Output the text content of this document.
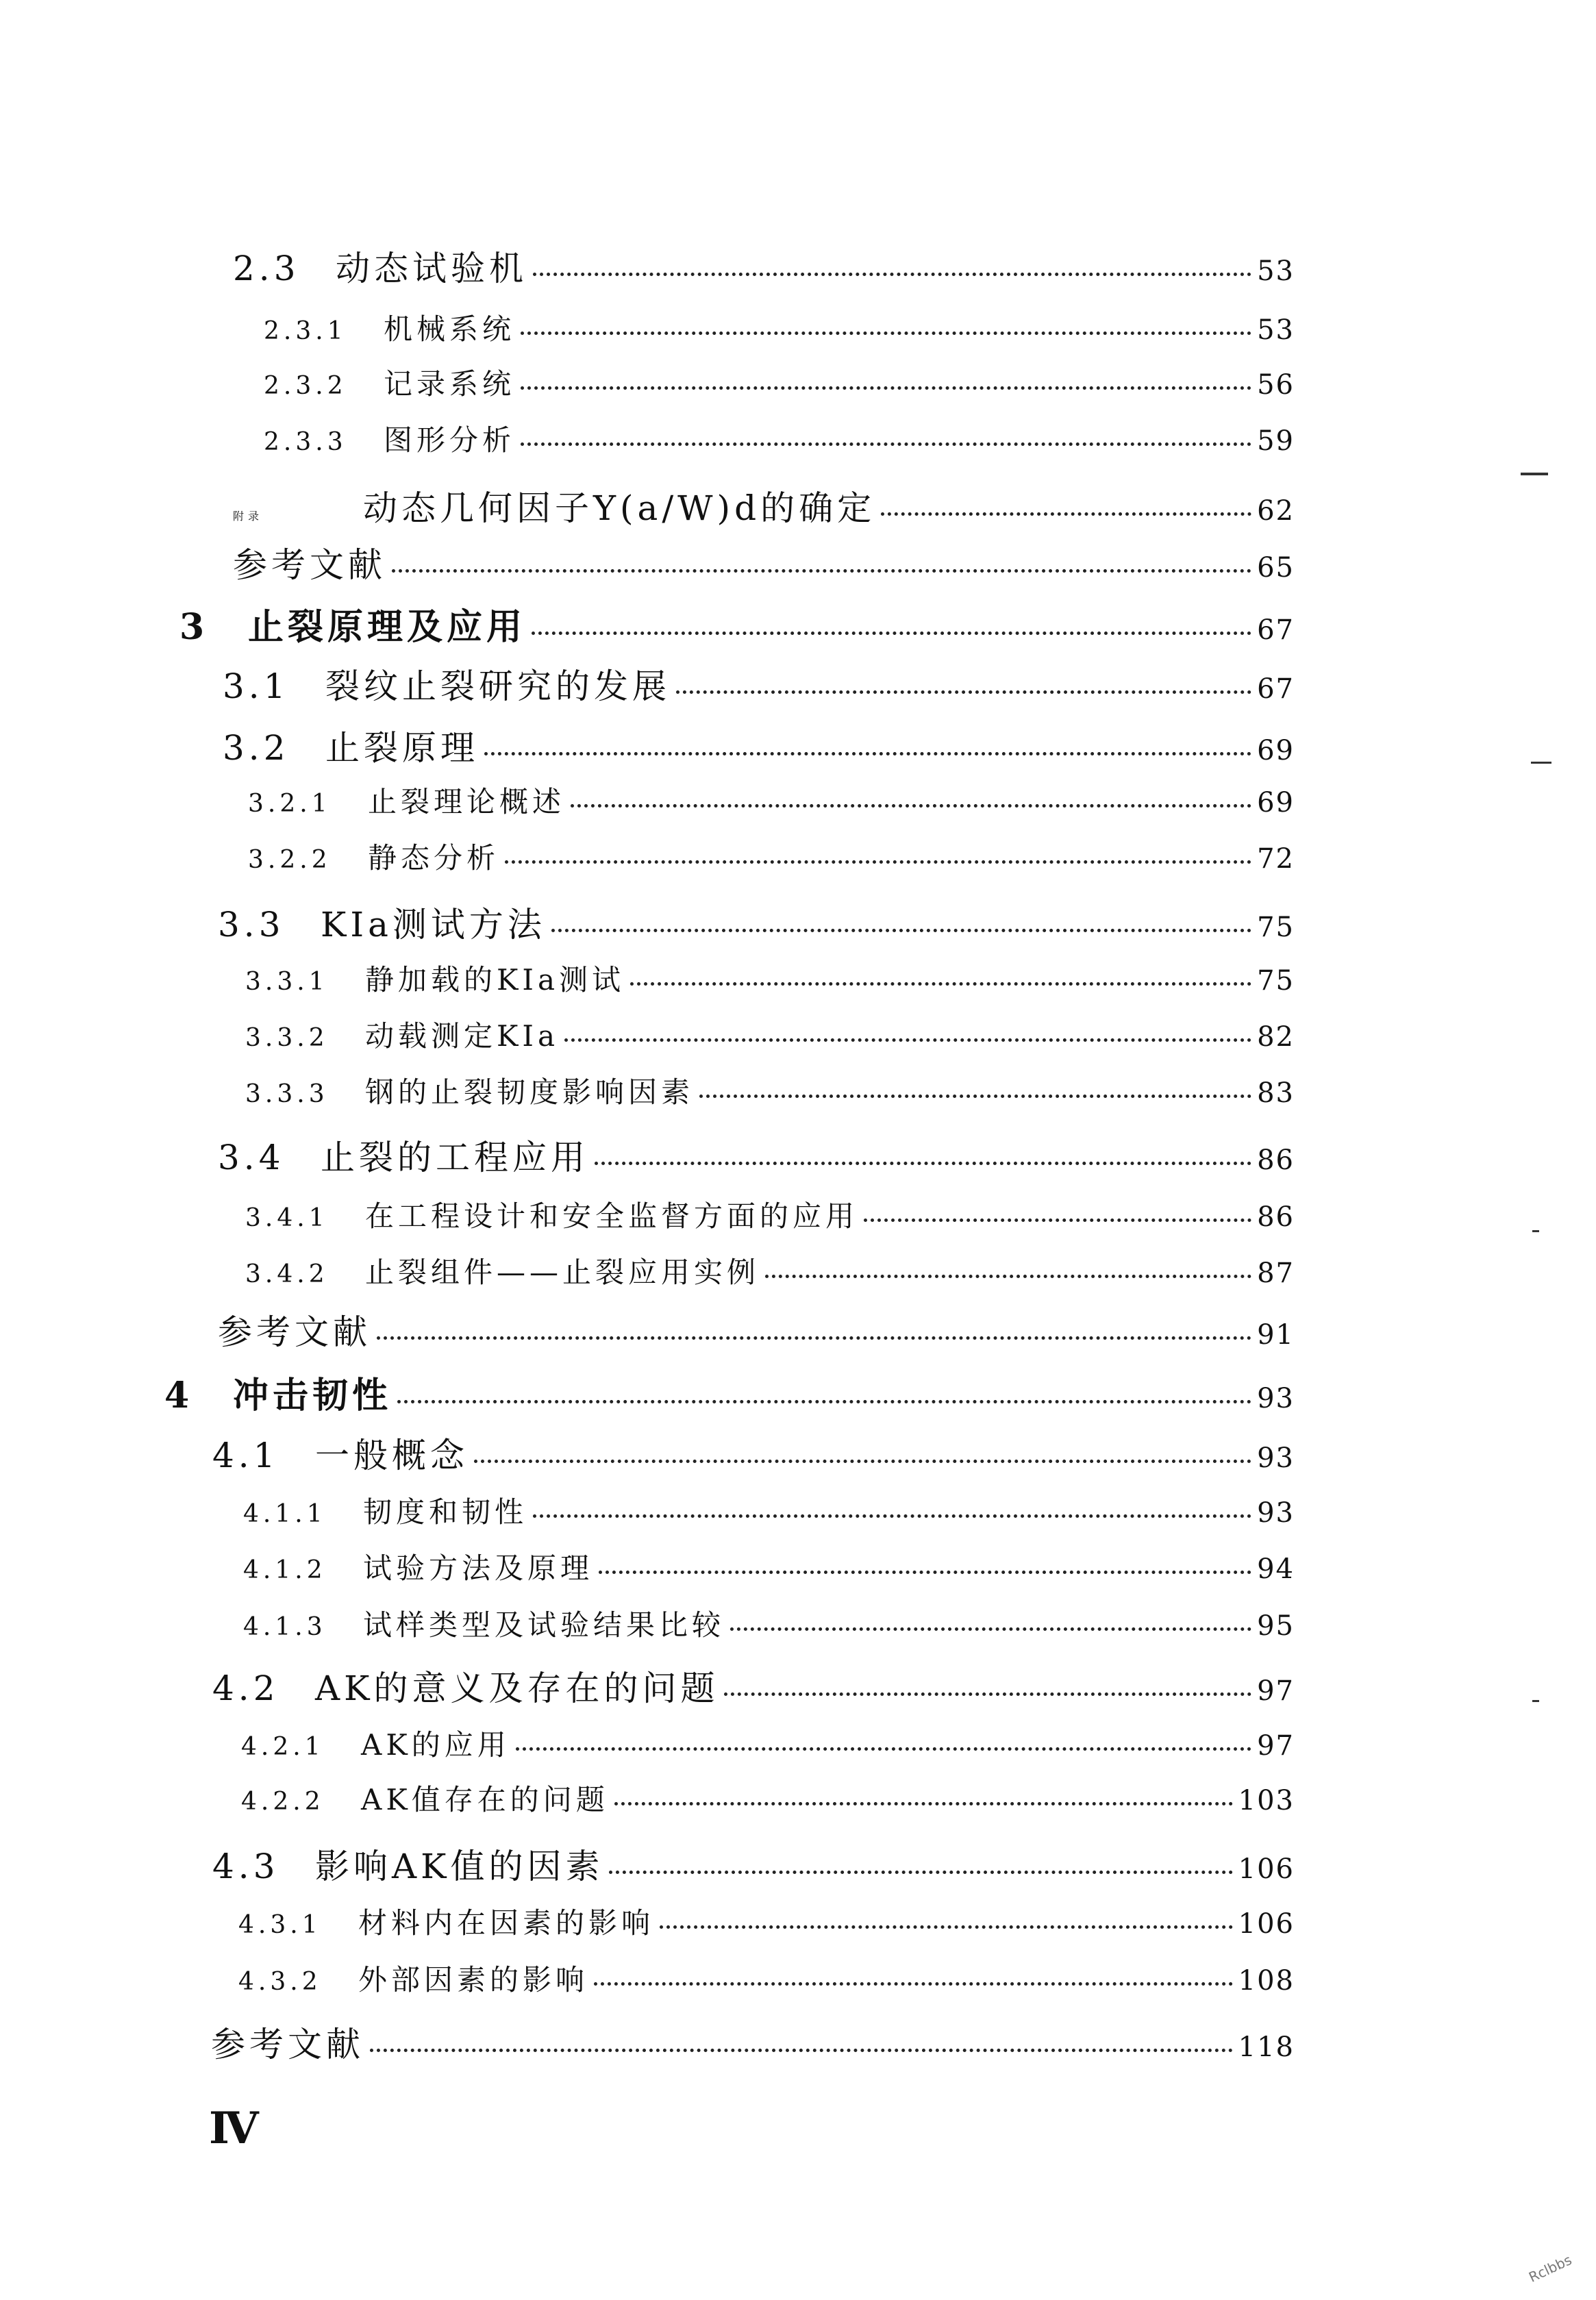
2.3	动态试验机	53
2.3.1	机械系统	53
2.3.2	记录系统	56
2.3.3	图形分析	59
附录	动态几何因子Y(a/W)d的确定	62
参考文献	65
3	止裂原理及应用	67
3.1	裂纹止裂研究的发展	67
3.2	止裂原理	69
3.2.1	止裂理论概述	69
3.2.2	静态分析	72
3.3	KIa测试方法	75
3.3.1	静加载的KIa测试	75
3.3.2	动载测定KIa	82
3.3.3	钢的止裂韧度影响因素	83
3.4	止裂的工程应用	86
3.4.1	在工程设计和安全监督方面的应用	86
3.4.2	止裂组件——止裂应用实例	87
参考文献	91
4	冲击韧性	93
4.1	一般概念	93
4.1.1	韧度和韧性	93
4.1.2	试验方法及原理	94
4.1.3	试样类型及试验结果比较	95
4.2	AK的意义及存在的问题	97
4.2.1	AK的应用	97
4.2.2	AK值存在的问题	103
4.3	影响AK值的因素	106
4.3.1	材料内在因素的影响	106
4.3.2	外部因素的影响	108
参考文献	118
Ⅳ
Rclbbs
